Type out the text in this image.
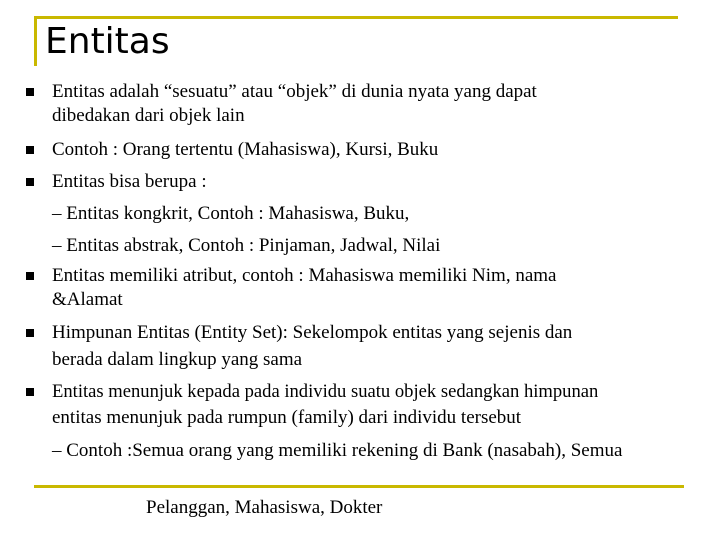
Entitas
Entitas adalah “sesuatu” atau “objek” di dunia nyata yang dapat
dibedakan dari objek lain
Contoh : Orang tertentu (Mahasiswa), Kursi, Buku
Entitas bisa berupa :
– Entitas kongkrit, Contoh : Mahasiswa, Buku,
– Entitas abstrak, Contoh : Pinjaman, Jadwal, Nilai
Entitas memiliki atribut, contoh : Mahasiswa memiliki Nim, nama
&Alamat
Himpunan Entitas (Entity Set): Sekelompok entitas yang sejenis dan
berada dalam lingkup yang sama
Entitas menunjuk kepada pada individu suatu objek sedangkan himpunan
entitas menunjuk pada rumpun (family) dari individu tersebut
– Contoh :Semua orang yang memiliki rekening di Bank (nasabah), Semua
Pelanggan, Mahasiswa, Dokter
